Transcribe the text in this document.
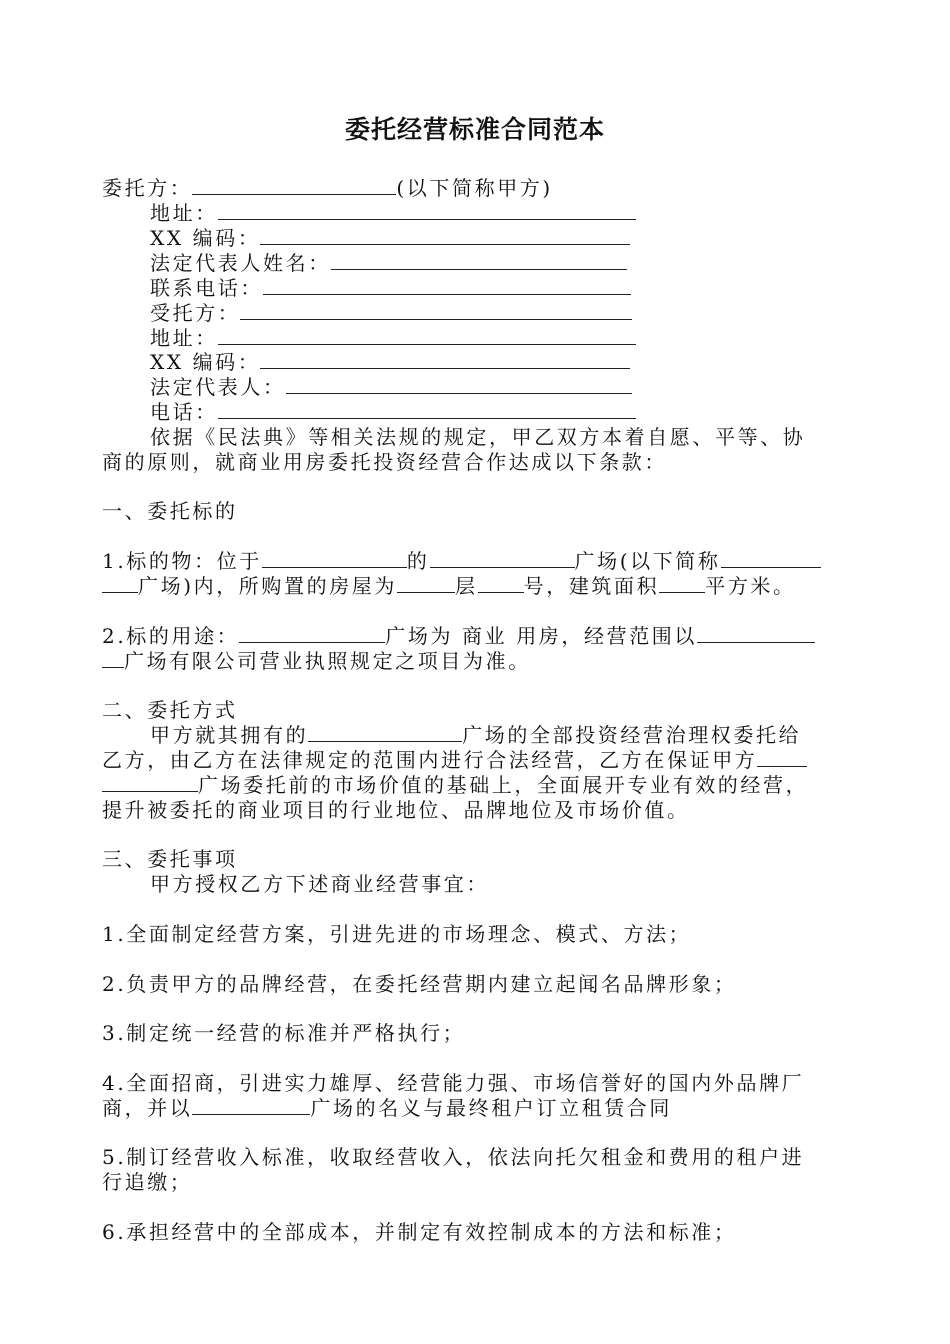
委托经营标准合同范本
委托方：	(以下简称甲方)
地址：
XX 编码：
法定代表人姓名：
联系电话：
受托方：
地址：
XX 编码：
法定代表人：
电话：
依据《民法典》等相关法规的规定，甲乙双方本着自愿、平等、协
商的原则，就商业用房委托投资经营合作达成以下条款：
一、委托标的
1.标的物：位于	的	广场(以下简称
广场)内，所购置的房屋为	层 号，建筑面积 平方米。
2.标的用途：	广场为 商业 用房，经营范围以
广场有限公司营业执照规定之项目为准。
二、委托方式
甲方就其拥有的	广场的全部投资经营治理权委托给
乙方，由乙方在法律规定的范围内进行合法经营，乙方在保证甲方
广场委托前的市场价值的基础上，全面展开专业有效的经营，
提升被委托的商业项目的行业地位、品牌地位及市场价值。
三、委托事项
甲方授权乙方下述商业经营事宜：
1.全面制定经营方案，引进先进的市场理念、模式、方法；
2.负责甲方的品牌经营，在委托经营期内建立起闻名品牌形象；
3.制定统一经营的标准并严格执行；
4.全面招商，引进实力雄厚、经营能力强、市场信誉好的国内外品牌厂
商，并以	广场的名义与最终租户订立租赁合同
5.制订经营收入标准，收取经营收入，依法向托欠租金和费用的租户进
行追缴；
6.承担经营中的全部成本，并制定有效控制成本的方法和标准；
